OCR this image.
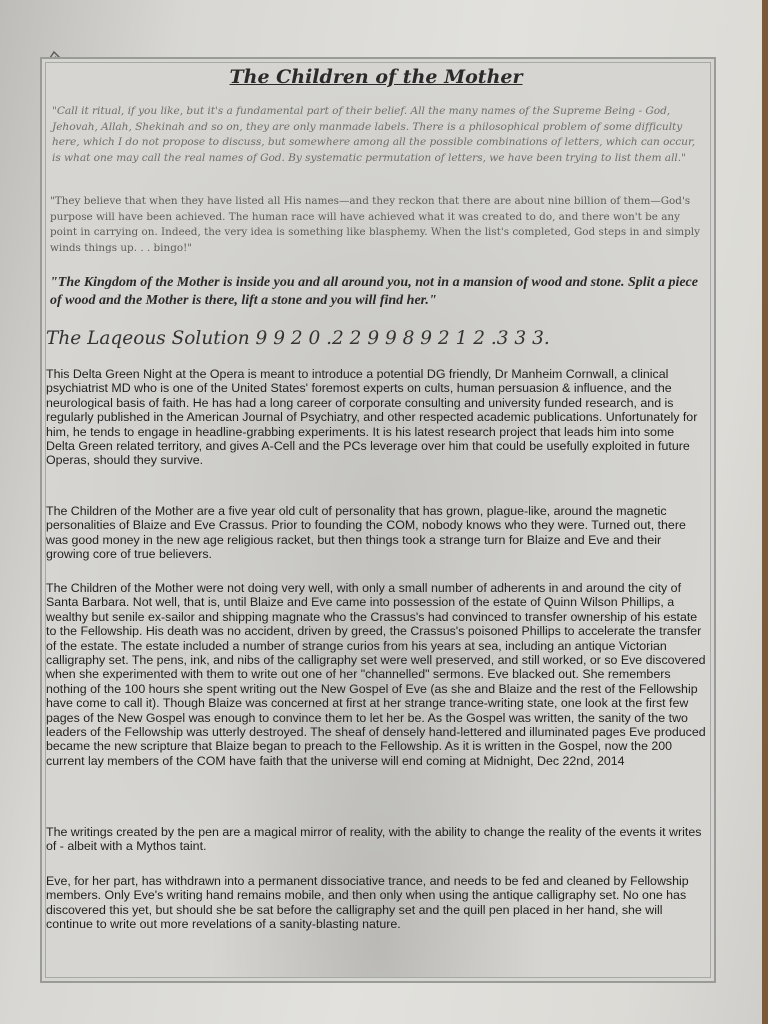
The Children of the Mother
"Call it ritual, if you like, but it's a fundamental part of their belief. All the many names of the Supreme Being - God, Jehovah, Allah, Shekinah and so on, they are only manmade labels. There is a philosophical problem of some difficulty here, which I do not propose to discuss, but somewhere among all the possible combinations of letters, which can occur, is what one may call the real names of God. By systematic permutation of letters, we have been trying to list them all."
"They believe that when they have listed all His names—and they reckon that there are about nine billion of them—God's purpose will have been achieved. The human race will have achieved what it was created to do, and there won't be any point in carrying on. Indeed, the very idea is something like blasphemy. When the list's completed, God steps in and simply winds things up. . . bingo!"
"The Kingdom of the Mother is inside you and all around you, not in a mansion of wood and stone. Split a piece of wood and the Mother is there, lift a stone and you will find her."
The Laqeous Solution 9 9 2 0 .2 2 9 9 8 9 2 1 2 .3 3 3.
This Delta Green Night at the Opera is meant to introduce a potential DG friendly, Dr Manheim Cornwall, a clinical psychiatrist MD who is one of the United States' foremost experts on cults, human persuasion & influence, and the neurological basis of faith. He has had a long career of corporate consulting and university funded research, and is regularly published in the American Journal of Psychiatry, and other respected academic publications. Unfortunately for him, he tends to engage in headline-grabbing experiments. It is his latest research project that leads him into some Delta Green related territory, and gives A-Cell and the PCs leverage over him that could be usefully exploited in future Operas, should they survive.
The Children of the Mother are a five year old cult of personality that has grown, plague-like, around the magnetic personalities of Blaize and Eve Crassus. Prior to founding the COM, nobody knows who they were. Turned out, there was good money in the new age religious racket, but then things took a strange turn for Blaize and Eve and their growing core of true believers.
The Children of the Mother were not doing very well, with only a small number of adherents in and around the city of Santa Barbara. Not well, that is, until Blaize and Eve came into possession of the estate of Quinn Wilson Phillips, a wealthy but senile ex-sailor and shipping magnate who the Crassus's had convinced to transfer ownership of his estate to the Fellowship. His death was no accident, driven by greed, the Crassus's poisoned Phillips to accelerate the transfer of the estate. The estate included a number of strange curios from his years at sea, including an antique Victorian calligraphy set. The pens, ink, and nibs of the calligraphy set were well preserved, and still worked, or so Eve discovered when she experimented with them to write out one of her "channelled" sermons. Eve blacked out. She remembers nothing of the 100 hours she spent writing out the New Gospel of Eve (as she and Blaize and the rest of the Fellowship have come to call it). Though Blaize was concerned at first at her strange trance-writing state, one look at the first few pages of the New Gospel was enough to convince them to let her be. As the Gospel was written, the sanity of the two leaders of the Fellowship was utterly destroyed. The sheaf of densely hand-lettered and illuminated pages Eve produced became the new scripture that Blaize began to preach to the Fellowship. As it is written in the Gospel, now the 200 current lay members of the COM have faith that the universe will end coming at Midnight, Dec 22nd, 2014
The writings created by the pen are a magical mirror of reality, with the ability to change the reality of the events it writes of - albeit with a Mythos taint.
Eve, for her part, has withdrawn into a permanent dissociative trance, and needs to be fed and cleaned by Fellowship members. Only Eve's writing hand remains mobile, and then only when using the antique calligraphy set. No one has discovered this yet, but should she be sat before the calligraphy set and the quill pen placed in her hand, she will continue to write out more revelations of a sanity-blasting nature.
